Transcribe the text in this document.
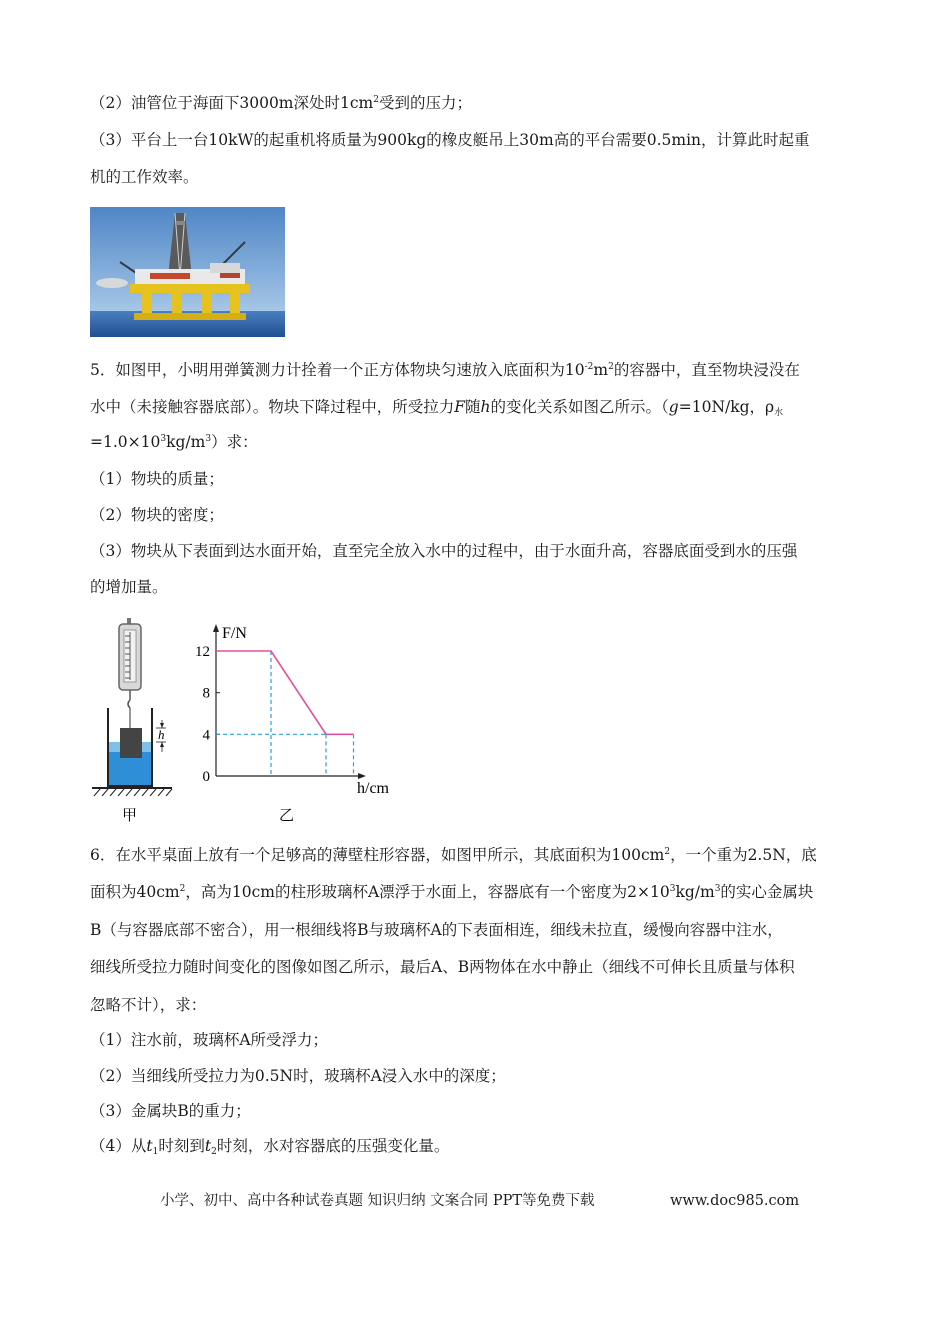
（2）油管位于海面下3000m深处时$1cm^2$受到的压力；
（3）平台上一台10kW的起重机将质量为900kg的橡皮艇吊上30m高的平台需要0.5min，计算此时起重
机的工作效率。
5．如图甲，小明用弹簧测力计拴着一个正方体物块匀速放入底面积为$10^{-2}m^2$的容器中，直至物块浸没在
水中（未接触容器底部）。物块下降过程中，所受拉力F随h的变化关系如图乙所示。（g=10N/kg，$\rho_水$
$=1.0\times 10^3kg/m^3$）求：
（1）物块的质量；
（2）物块的密度；
（3）物块从下表面到达水面开始，直至完全放入水中的过程中，由于水面升高，容器底面受到水的压强
的增加量。
h
甲
F/N
h/cm
12
8
4
0
乙
6．在水平桌面上放有一个足够高的薄壁柱形容器，如图甲所示，其底面积为$100cm^2$，一个重为2.5N，底
面积为$40cm^2$，高为10cm的柱形玻璃杯A漂浮于水面上，容器底有一个密度为$2\times 10^3kg/m^3$的实心金属块
B（与容器底部不密合），用一根细线将B与玻璃杯A的下表面相连，细线未拉直，缓慢向容器中注水，
细线所受拉力随时间变化的图像如图乙所示，最后A、B两物体在水中静止（细线不可伸长且质量与体积
忽略不计），求：
（1）注水前，玻璃杯A所受浮力；
（2）当细线所受拉力为0.5N时，玻璃杯A浸入水中的深度；
（3）金属块B的重力；
（4）从$t_1$时刻到$t_2$时刻，水对容器底的压强变化量。
小学、初中、高中各种试卷真题 知识归纳 文案合同 PPT等免费下载	www.doc985.com
